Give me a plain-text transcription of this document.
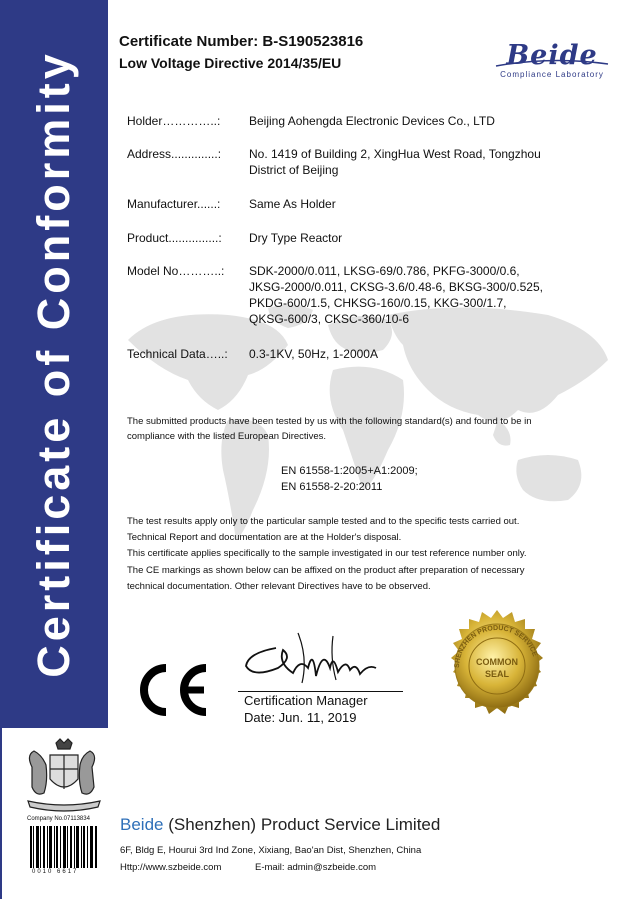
Certificate of Conformity
Certificate Number: B-S190523816
Low Voltage Directive 2014/35/EU	Beide
Compliance Laboratory
Holder…………..: Beijing Aohengda Electronic Devices Co., LTD
Address..............: No. 1419 of Building 2, XingHua West Road, Tongzhou
District of Beijing
Manufacturer......: Same As Holder
Product...............: Dry Type Reactor
Model No………..: SDK-2000/0.011, LKSG-69/0.786, PKFG-3000/0.6,
JKSG-2000/0.011, CKSG-3.6/0.48-6, BKSG-300/0.525,
PKDG-600/1.5, CHKSG-160/0.15, KKG-300/1.7,
QKSG-600/3, CKSC-360/10-6
Technical Data…..: 0.3-1KV, 50Hz, 1-2000A
The submitted products have been tested by us with the following standard(s) and found to be in
compliance with the listed European Directives.
EN 61558-1:2005+A1:2009;
EN 61558-2-20:2011
The test results apply only to the particular sample tested and to the specific tests carried out.
Technical Report and documentation are at the Holder's disposal.
This certificate applies specifically to the sample investigated in our test reference number only.
The CE markings as shown below can be affixed on the product after preparation of necessary
technical documentation. Other relevant Directives have to be observed.
Certification Manager
Date: Jun. 11, 2019
SHENZHEN PRODUCT SERVICE
COMMON
SEAL
Company No.07113834
0010 6617
Beide (Shenzhen) Product Service Limited
6F, Bldg E, Hourui 3rd Ind Zone, Xixiang, Bao'an Dist, Shenzhen, China
Http://www.szbeide.com	E-mail: admin@szbeide.com
